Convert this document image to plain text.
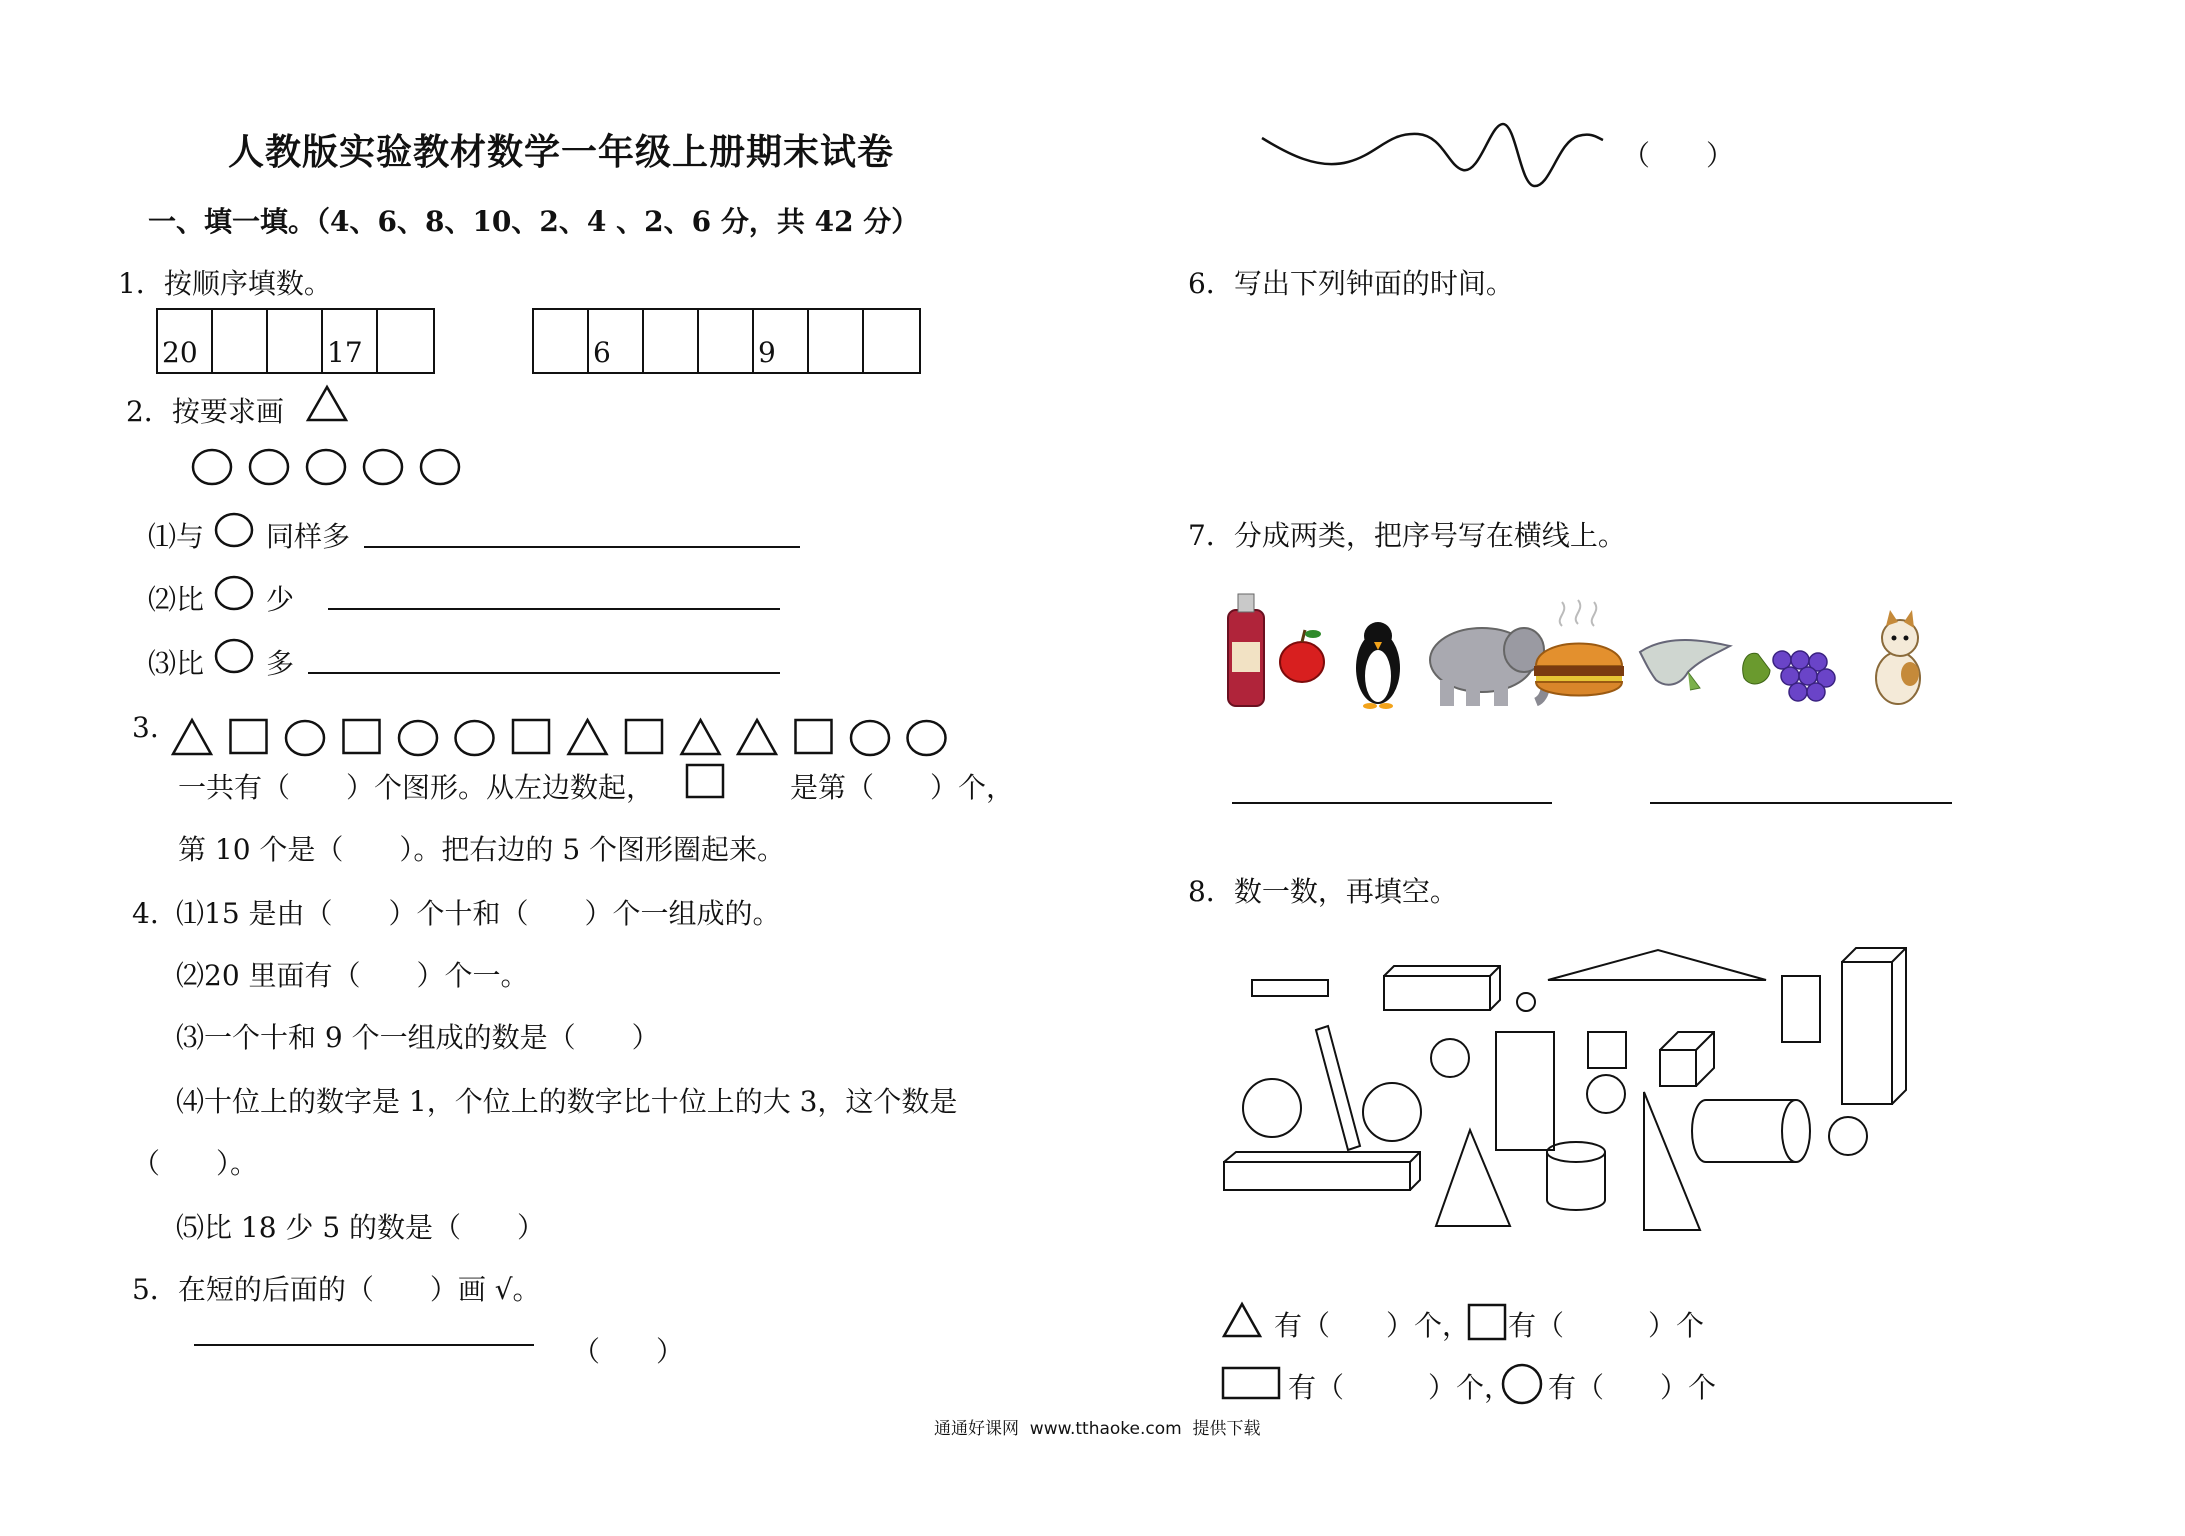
人教版实验教材数学一年级上册期末试卷
一、填一填。（4、6、8、10、2、4 、2、6 分，共 42 分）
1．按顺序填数。
20	17	6	9
2．按要求画
⑴与 同样多
⑵比 少
⑶比 多
3.
一共有（　　）个图形。从左边数起，	是第（　　）个，
第 10 个是（　　）。把右边的 5 个图形圈起来。
4. ⑴15 是由（　　）个十和（　　）个一组成的。
⑵20 里面有（　　）个一。
⑶一个十和 9 个一组成的数是（　　）
⑷十位上的数字是 1，个位上的数字比十位上的大 3，这个数是
（　　）。
⑸比 18 少 5 的数是（　　）
5．在短的后面的（　　）画 √。
（　　）
（　　）
6．写出下列钟面的时间。
7．分成两类，把序号写在横线上。
8．数一数，再填空。
有（　　）个， 有（　　　）个
有（　　　）个， 有（　　）个
通通好课网  www.tthaoke.com  提供下载
